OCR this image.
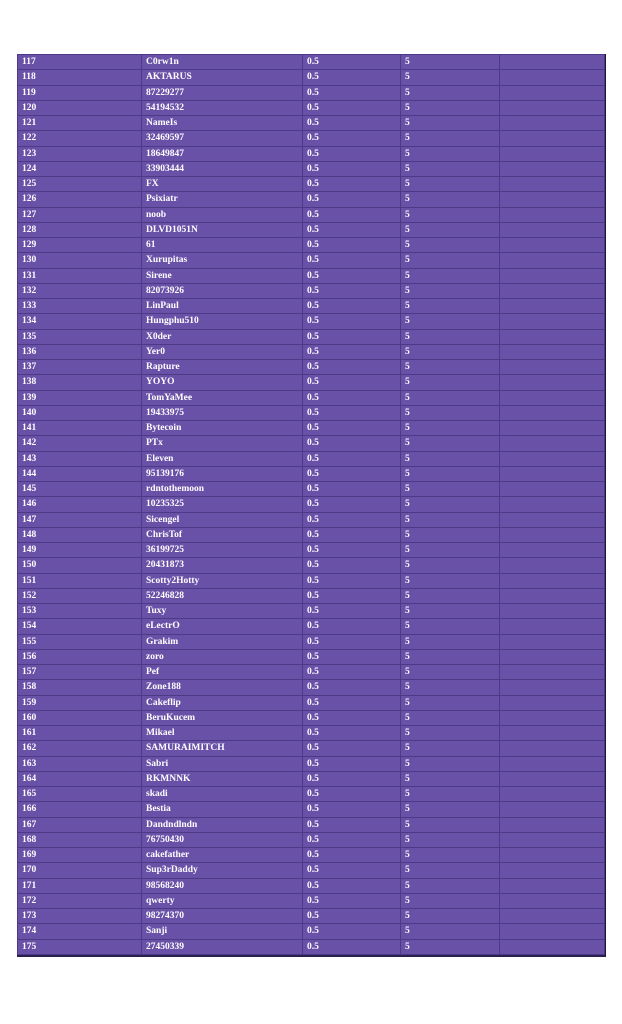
117	C0rw1n	0.5	5	
118	AKTARUS	0.5	5	
119	87229277	0.5	5	
120	54194532	0.5	5	
121	NameIs	0.5	5	
122	32469597	0.5	5	
123	18649847	0.5	5	
124	33903444	0.5	5	
125	FX	0.5	5	
126	Psixiatr	0.5	5	
127	noob	0.5	5	
128	DLVD1051N	0.5	5	
129	61	0.5	5	
130	Xurupitas	0.5	5	
131	Sirene	0.5	5	
132	82073926	0.5	5	
133	LinPaul	0.5	5	
134	Hungphu510	0.5	5	
135	X0der	0.5	5	
136	Yer0	0.5	5	
137	Rapture	0.5	5	
138	YOYO	0.5	5	
139	TomYaMee	0.5	5	
140	19433975	0.5	5	
141	Bytecoin	0.5	5	
142	PTx	0.5	5	
143	Eleven	0.5	5	
144	95139176	0.5	5	
145	rdntothemoon	0.5	5	
146	10235325	0.5	5	
147	Sicengel	0.5	5	
148	ChrisTof	0.5	5	
149	36199725	0.5	5	
150	20431873	0.5	5	
151	Scotty2Hotty	0.5	5	
152	52246828	0.5	5	
153	Tuxy	0.5	5	
154	eLectrO	0.5	5	
155	Grakim	0.5	5	
156	zoro	0.5	5	
157	Pef	0.5	5	
158	Zone188	0.5	5	
159	Cakeflip	0.5	5	
160	BeruKucem	0.5	5	
161	Mikael	0.5	5	
162	SAMURAIMITCH	0.5	5	
163	Sabri	0.5	5	
164	RKMNNK	0.5	5	
165	skadi	0.5	5	
166	Bestia	0.5	5	
167	Dandndlndn	0.5	5	
168	76750430	0.5	5	
169	cakefather	0.5	5	
170	Sup3rDaddy	0.5	5	
171	98568240	0.5	5	
172	qwerty	0.5	5	
173	98274370	0.5	5	
174	Sanji	0.5	5	
175	27450339	0.5	5	
